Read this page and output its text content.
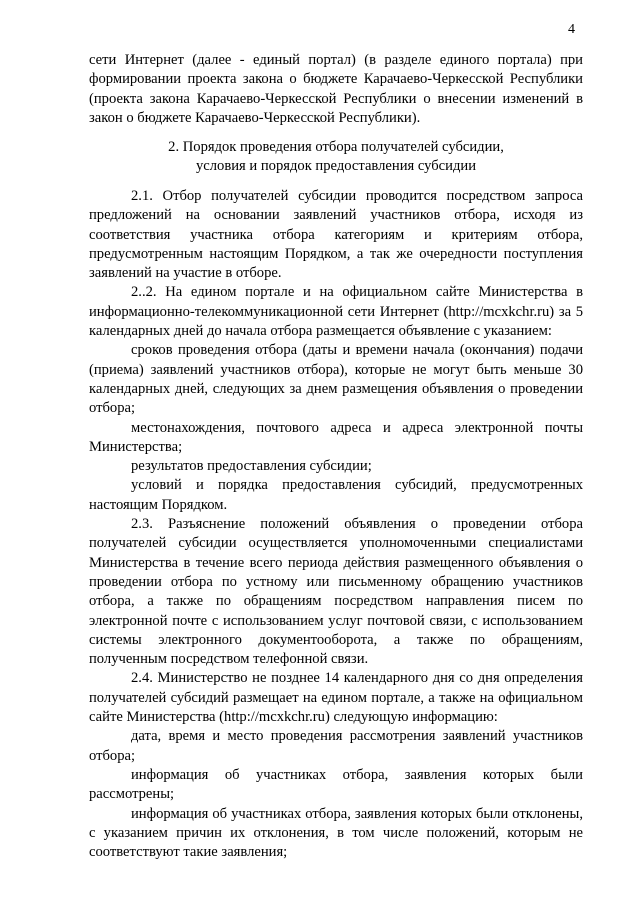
4

сети Интернет (далее - единый портал) (в разделе единого портала) при формировании проекта закона о бюджете Карачаево-Черкесской Республики (проекта закона Карачаево-Черкесской Республики о внесении изменений в закон о бюджете Карачаево-Черкесской Республики).

2. Порядок проведения отбора получателей субсидии,

условия и порядок предоставления субсидии

2.1. Отбор получателей субсидии проводится посредством запроса предложений на основании заявлений участников отбора, исходя из соответствия участника отбора категориям и критериям отбора, предусмотренным настоящим Порядком, а так же очередности поступления заявлений на участие в отборе.

2..2. На едином портале и на официальном сайте Министерства в информационно-телекоммуникационной сети Интернет (http://mcxkchr.ru) за 5 календарных дней до начала отбора размещается объявление с указанием:

сроков проведения отбора (даты и времени начала (окончания) подачи (приема) заявлений участников отбора), которые не могут быть меньше 30 календарных дней, следующих за днем размещения объявления о проведении отбора;

местонахождения, почтового адреса и адреса электронной почты Министерства;

результатов предоставления субсидии;

условий и порядка предоставления субсидий, предусмотренных настоящим Порядком.

2.3. Разъяснение положений объявления о проведении отбора получателей субсидии осуществляется уполномоченными специалистами Министерства в течение всего периода действия размещенного объявления о проведении отбора по устному или письменному обращению участников отбора, а также по обращениям посредством направления писем по электронной почте с использованием услуг почтовой связи, с использованием системы электронного документооборота, а также по обращениям, полученным посредством телефонной связи.

2.4. Министерство не позднее 14 календарного дня со дня определения получателей субсидий размещает на едином портале, а также на официальном сайте Министерства (http://mcxkchr.ru) следующую информацию:

дата, время и место проведения рассмотрения заявлений участников отбора;

информация об участниках отбора, заявления которых были рассмотрены;

информация об участниках отбора, заявления которых были отклонены, с указанием причин их отклонения, в том числе положений, которым не соответствуют такие заявления;
